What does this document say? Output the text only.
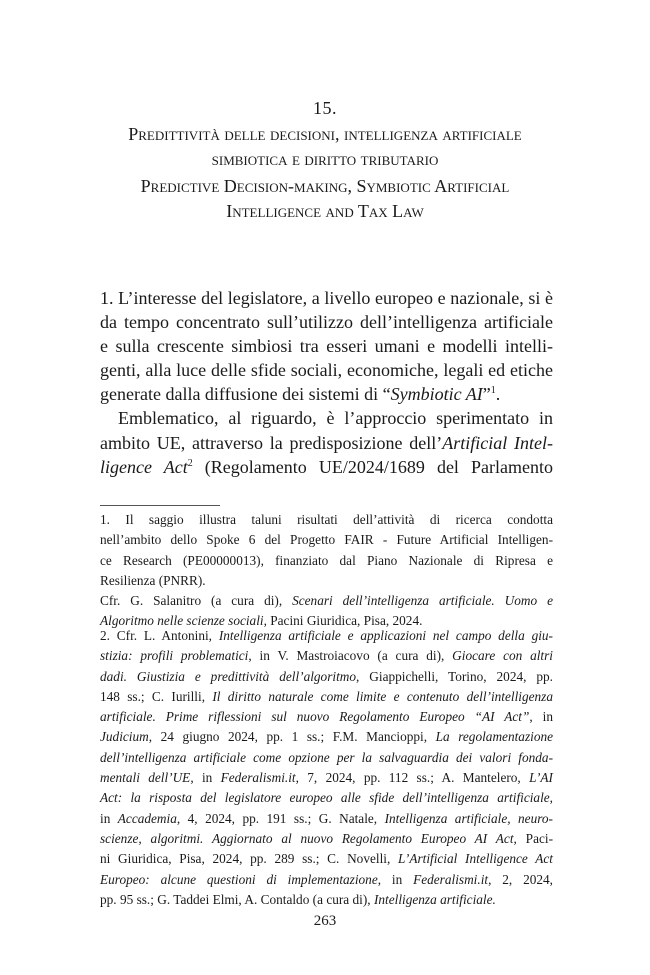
15.
Predittività delle decisioni, intelligenza artificiale
simbiotica e diritto tributario
Predictive Decision-making, Symbiotic Artificial
Intelligence and Tax Law
1. L’interesse del legislatore, a livello europeo e nazionale, si è
da tempo concentrato sull’utilizzo dell’intelligenza artificiale
e sulla crescente simbiosi tra esseri umani e modelli intelli-
genti, alla luce delle sfide sociali, economiche, legali ed etiche
generate dalla diffusione dei sistemi di “Symbiotic AI”$^1$.
Emblematico, al riguardo, è l’approccio sperimentato in
ambito UE, attraverso la predisposizione dell’Artificial Intel-
ligence Act$^2$ (Regolamento UE/2024/1689 del Parlamento
1. Il saggio illustra taluni risultati dell’attività di ricerca condotta
nell’ambito dello Spoke 6 del Progetto FAIR - Future Artificial Intelligen-
ce Research (PE00000013), finanziato dal Piano Nazionale di Ripresa e
Resilienza (PNRR).
Cfr. G. Salanitro (a cura di), Scenari dell’intelligenza artificiale. Uomo e
Algoritmo nelle scienze sociali, Pacini Giuridica, Pisa, 2024.
2. Cfr. L. Antonini, Intelligenza artificiale e applicazioni nel campo della giu-
stizia: profili problematici, in V. Mastroiacovo (a cura di), Giocare con altri
dadi. Giustizia e predittività dell’algoritmo, Giappichelli, Torino, 2024, pp.
148 ss.; C. Iurilli, Il diritto naturale come limite e contenuto dell’intelligenza
artificiale. Prime riflessioni sul nuovo Regolamento Europeo “AI Act”, in
Judicium, 24 giugno 2024, pp. 1 ss.; F.M. Mancioppi, La regolamentazione
dell’intelligenza artificiale come opzione per la salvaguardia dei valori fonda-
mentali dell’UE, in Federalismi.it, 7, 2024, pp. 112 ss.; A. Mantelero, L’AI
Act: la risposta del legislatore europeo alle sfide dell’intelligenza artificiale,
in Accademia, 4, 2024, pp. 191 ss.; G. Natale, Intelligenza artificiale, neuro-
scienze, algoritmi. Aggiornato al nuovo Regolamento Europeo AI Act, Paci-
ni Giuridica, Pisa, 2024, pp. 289 ss.; C. Novelli, L’Artificial Intelligence Act
Europeo: alcune questioni di implementazione, in Federalismi.it, 2, 2024,
pp. 95 ss.; G. Taddei Elmi, A. Contaldo (a cura di), Intelligenza artificiale.
263
